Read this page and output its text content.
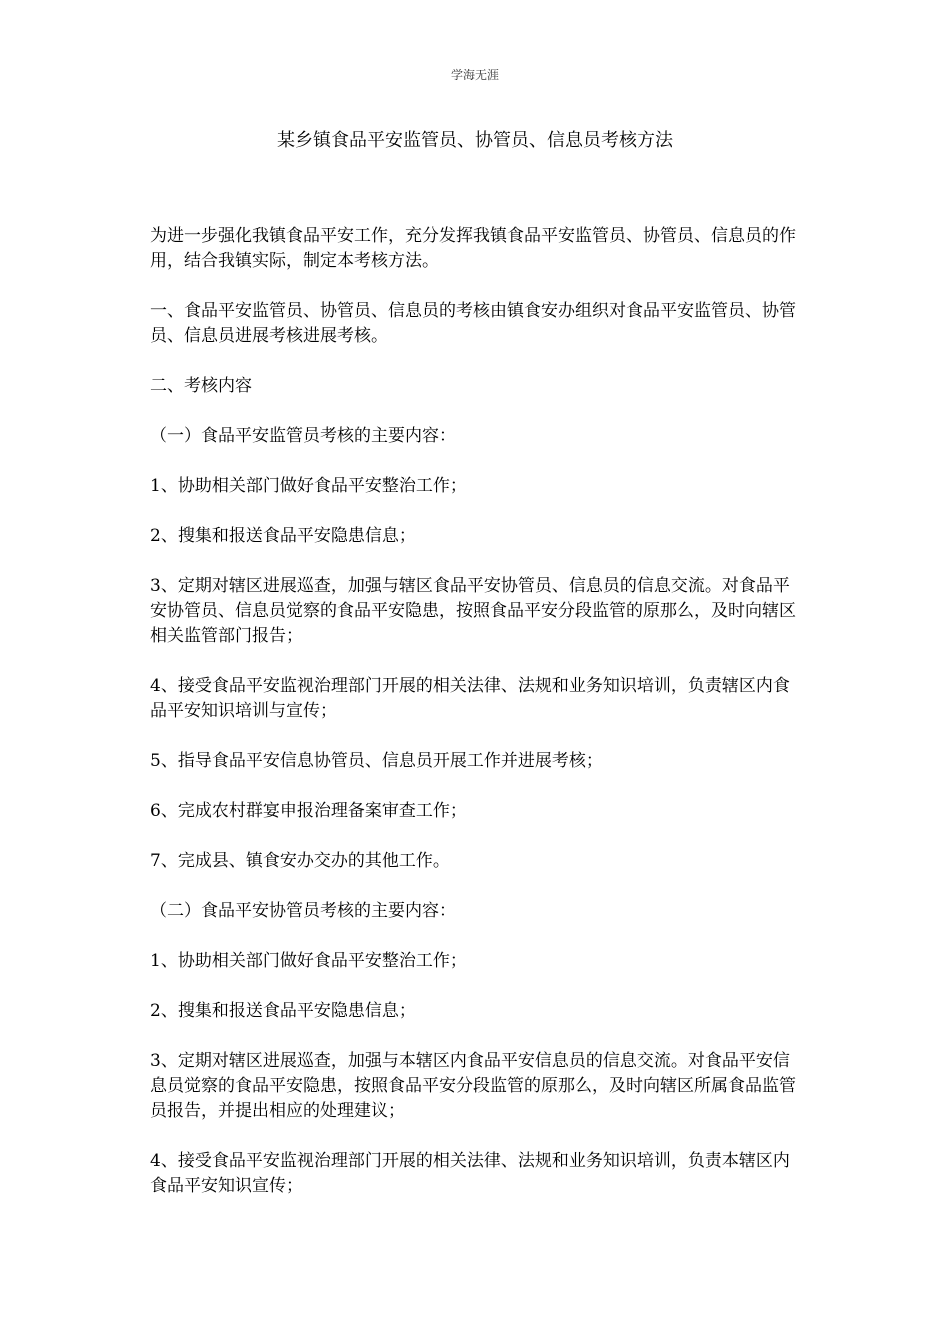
学海无涯
某乡镇食品平安监管员、协管员、信息员考核方法

为进一步强化我镇食品平安工作，充分发挥我镇食品平安监管员、协管员、信息员的作用，结合我镇实际，制定本考核方法。

一、食品平安监管员、协管员、信息员的考核由镇食安办组织对食品平安监管员、协管员、信息员进展考核进展考核。

二、考核内容

（一）食品平安监管员考核的主要内容：

1、协助相关部门做好食品平安整治工作；

2、搜集和报送食品平安隐患信息；

3、定期对辖区进展巡查，加强与辖区食品平安协管员、信息员的信息交流。对食品平安协管员、信息员觉察的食品平安隐患，按照食品平安分段监管的原那么，及时向辖区相关监管部门报告；

4、接受食品平安监视治理部门开展的相关法律、法规和业务知识培训，负责辖区内食品平安知识培训与宣传；

5、指导食品平安信息协管员、信息员开展工作并进展考核；

6、完成农村群宴申报治理备案审查工作；

7、完成县、镇食安办交办的其他工作。

（二）食品平安协管员考核的主要内容：

1、协助相关部门做好食品平安整治工作；

2、搜集和报送食品平安隐患信息；

3、定期对辖区进展巡查，加强与本辖区内食品平安信息员的信息交流。对食品平安信息员觉察的食品平安隐患，按照食品平安分段监管的原那么，及时向辖区所属食品监管员报告，并提出相应的处理建议；

4、接受食品平安监视治理部门开展的相关法律、法规和业务知识培训，负责本辖区内食品平安知识宣传；
